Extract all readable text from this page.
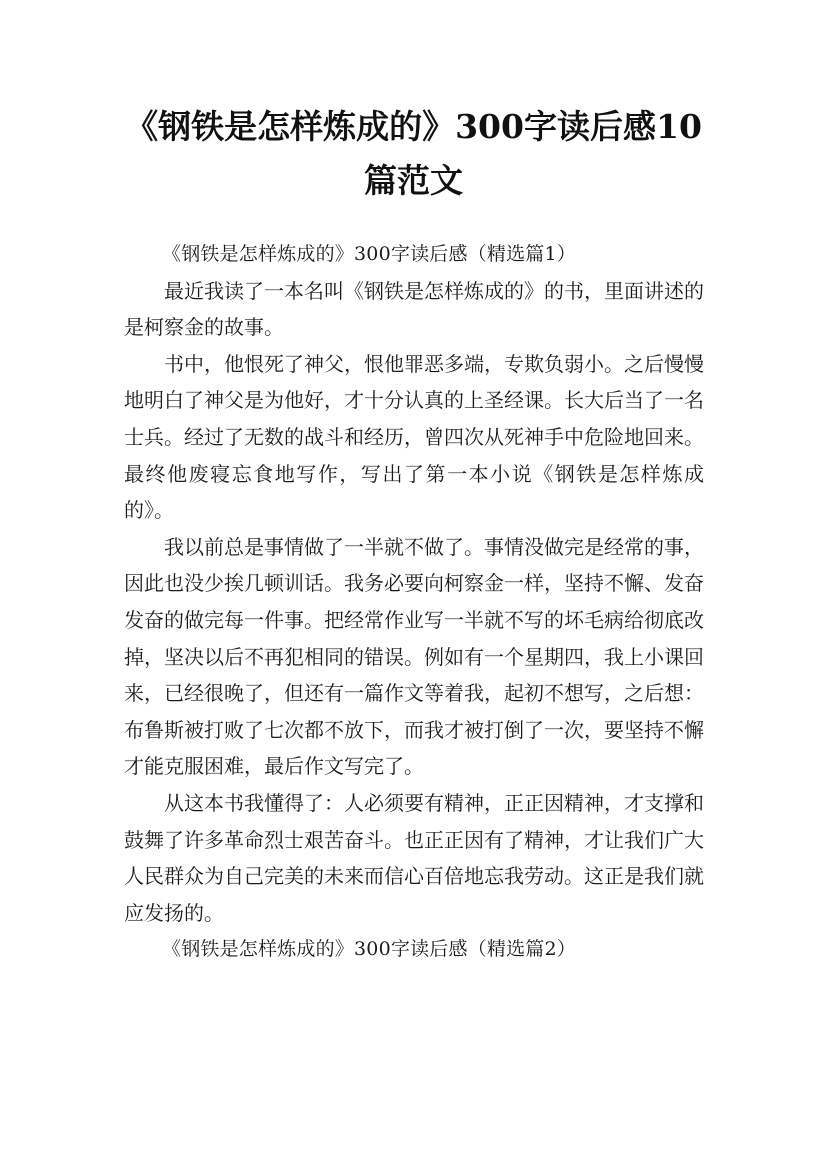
《钢铁是怎样炼成的》300字读后感10篇范文

《钢铁是怎样炼成的》300字读后感（精选篇1）

最近我读了一本名叫《钢铁是怎样炼成的》的书，里面讲述的是柯察金的故事。

书中，他恨死了神父，恨他罪恶多端，专欺负弱小。之后慢慢地明白了神父是为他好，才十分认真的上圣经课。长大后当了一名士兵。经过了无数的战斗和经历，曾四次从死神手中危险地回来。最终他废寝忘食地写作，写出了第一本小说《钢铁是怎样炼成的》。

我以前总是事情做了一半就不做了。事情没做完是经常的事，因此也没少挨几顿训话。我务必要向柯察金一样，坚持不懈、发奋发奋的做完每一件事。把经常作业写一半就不写的坏毛病给彻底改掉，坚决以后不再犯相同的错误。例如有一个星期四，我上小课回来，已经很晚了，但还有一篇作文等着我，起初不想写，之后想：布鲁斯被打败了七次都不放下，而我才被打倒了一次，要坚持不懈才能克服困难，最后作文写完了。

从这本书我懂得了：人必须要有精神，正正因精神，才支撑和鼓舞了许多革命烈士艰苦奋斗。也正正因有了精神，才让我们广大人民群众为自己完美的未来而信心百倍地忘我劳动。这正是我们就应发扬的。

《钢铁是怎样炼成的》300字读后感（精选篇2）
